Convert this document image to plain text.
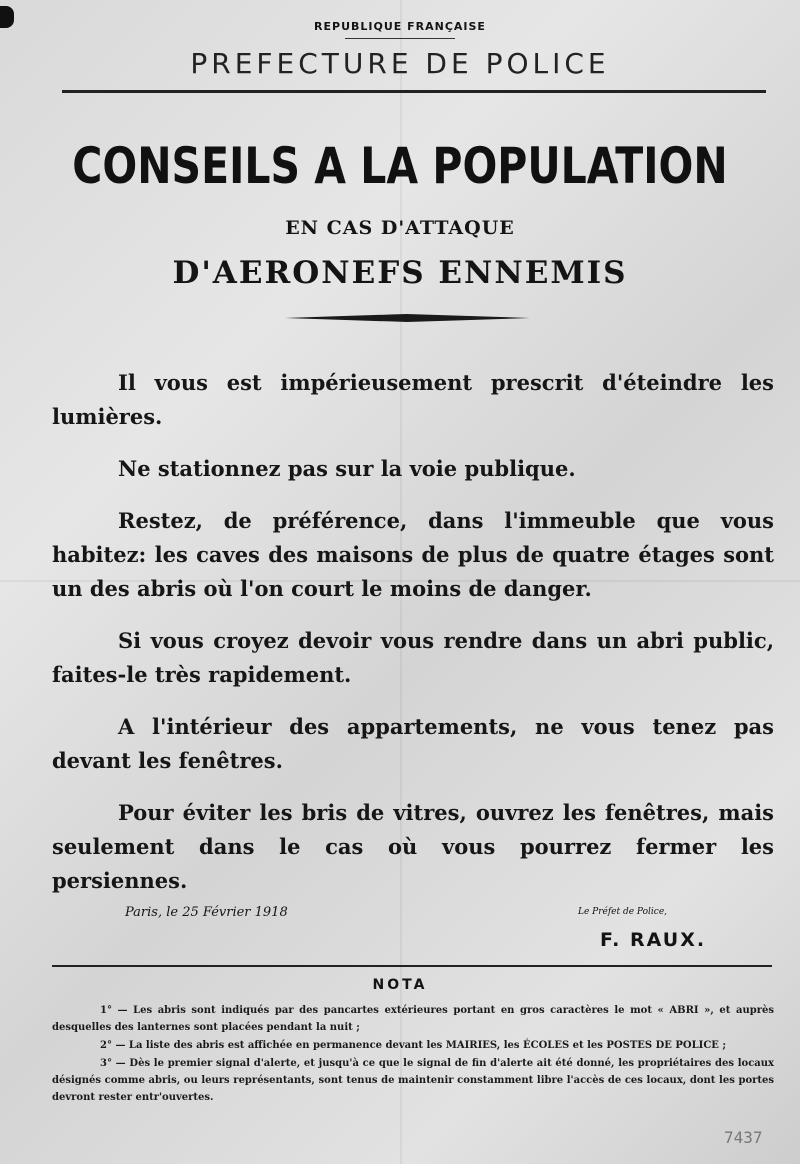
REPUBLIQUE FRANÇAISE
PREFECTURE DE POLICE
CONSEILS A LA POPULATION
EN CAS D'ATTAQUE
D'AERONEFS ENNEMIS

Il vous est impérieusement prescrit d'éteindre les lumières.

Ne stationnez pas sur la voie publique.

Restez, de préférence, dans l'immeuble que vous habitez: les caves des maisons de plus de quatre étages sont un des abris où l'on court le moins de danger.

Si vous croyez devoir vous rendre dans un abri public, faites-le très rapidement.

A l'intérieur des appartements, ne vous tenez pas devant les fenêtres.

Pour éviter les bris de vitres, ouvrez les fenêtres, mais seulement dans le cas où vous pourrez fermer les persiennes.

Paris, le 25 Février 1918	Le Préfet de Police,
F. RAUX.
NOTA

1° — Les abris sont indiqués par des pancartes extérieures portant en gros caractères le mot « ABRI », et auprès desquelles des lanternes sont placées pendant la nuit ;

2° — La liste des abris est affichée en permanence devant les MAIRIES, les ÉCOLES et les POSTES DE POLICE ;

3° — Dès le premier signal d'alerte, et jusqu'à ce que le signal de fin d'alerte ait été donné, les propriétaires des locaux désignés comme abris, ou leurs représentants, sont tenus de maintenir constamment libre l'accès de ces locaux, dont les portes devront rester entr'ouvertes.

7437
